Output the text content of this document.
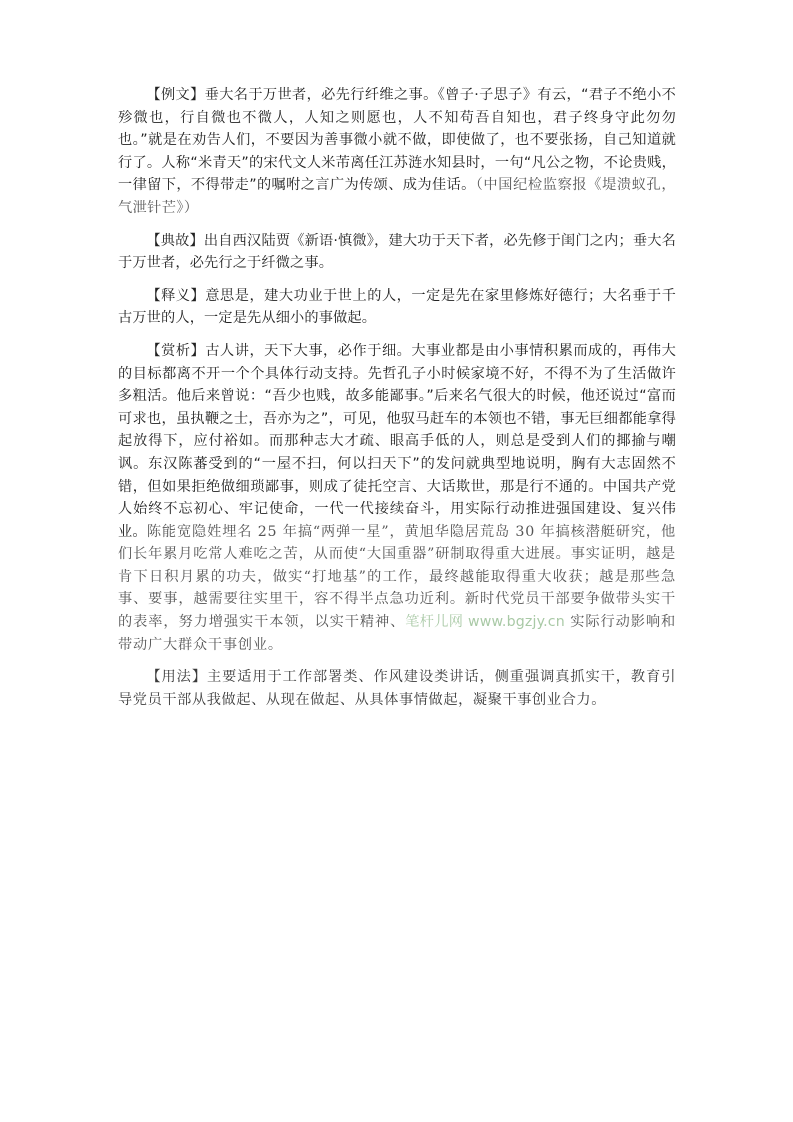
【例文】垂大名于万世者，必先行纤维之事。《曾子·子思子》有云，“君子不绝小不殄微也，行自微也不微人，人知之则愿也，人不知苟吾自知也，君子终身守此勿勿也。”就是在劝告人们，不要因为善事微小就不做，即使做了，也不要张扬，自己知道就行了。人称“米青天”的宋代文人米芾离任江苏涟水知县时，一句“凡公之物，不论贵贱，一律留下，不得带走”的嘱咐之言广为传颂、成为佳话。（中国纪检监察报《堤溃蚁孔，气泄针芒》）

【典故】出自西汉陆贾《新语·慎微》，建大功于天下者，必先修于闺门之内；垂大名于万世者，必先行之于纤微之事。

【释义】意思是，建大功业于世上的人，一定是先在家里修炼好德行；大名垂于千古万世的人，一定是先从细小的事做起。

【赏析】古人讲，天下大事，必作于细。大事业都是由小事情积累而成的，再伟大的目标都离不开一个个具体行动支持。先哲孔子小时候家境不好，不得不为了生活做许多粗活。他后来曾说：“吾少也贱，故多能鄙事。”后来名气很大的时候，他还说过“富而可求也，虽执鞭之士，吾亦为之”，可见，他驭马赶车的本领也不错，事无巨细都能拿得起放得下，应付裕如。而那种志大才疏、眼高手低的人，则总是受到人们的揶揄与嘲讽。东汉陈蕃受到的“一屋不扫，何以扫天下”的发问就典型地说明，胸有大志固然不错，但如果拒绝做细琐鄙事，则成了徒托空言、大话欺世，那是行不通的。中国共产党人始终不忘初心、牢记使命，一代一代接续奋斗，用实际行动推进强国建设、复兴伟业。陈能宽隐姓埋名 25 年搞“两弹一星”，黄旭华隐居荒岛 30 年搞核潜艇研究，他们长年累月吃常人难吃之苦，从而使“大国重器”研制取得重大进展。事实证明，越是肯下日积月累的功夫，做实“打地基”的工作，最终越能取得重大收获；越是那些急事、要事，越需要往实里干，容不得半点急功近利。新时代党员干部要争做带头实干的表率，努力增强实干本领，以实干精神、笔杆儿网 www.bgzjy.cn 实际行动影响和带动广大群众干事创业。

【用法】主要适用于工作部署类、作风建设类讲话，侧重强调真抓实干，教育引导党员干部从我做起、从现在做起、从具体事情做起，凝聚干事创业合力。
